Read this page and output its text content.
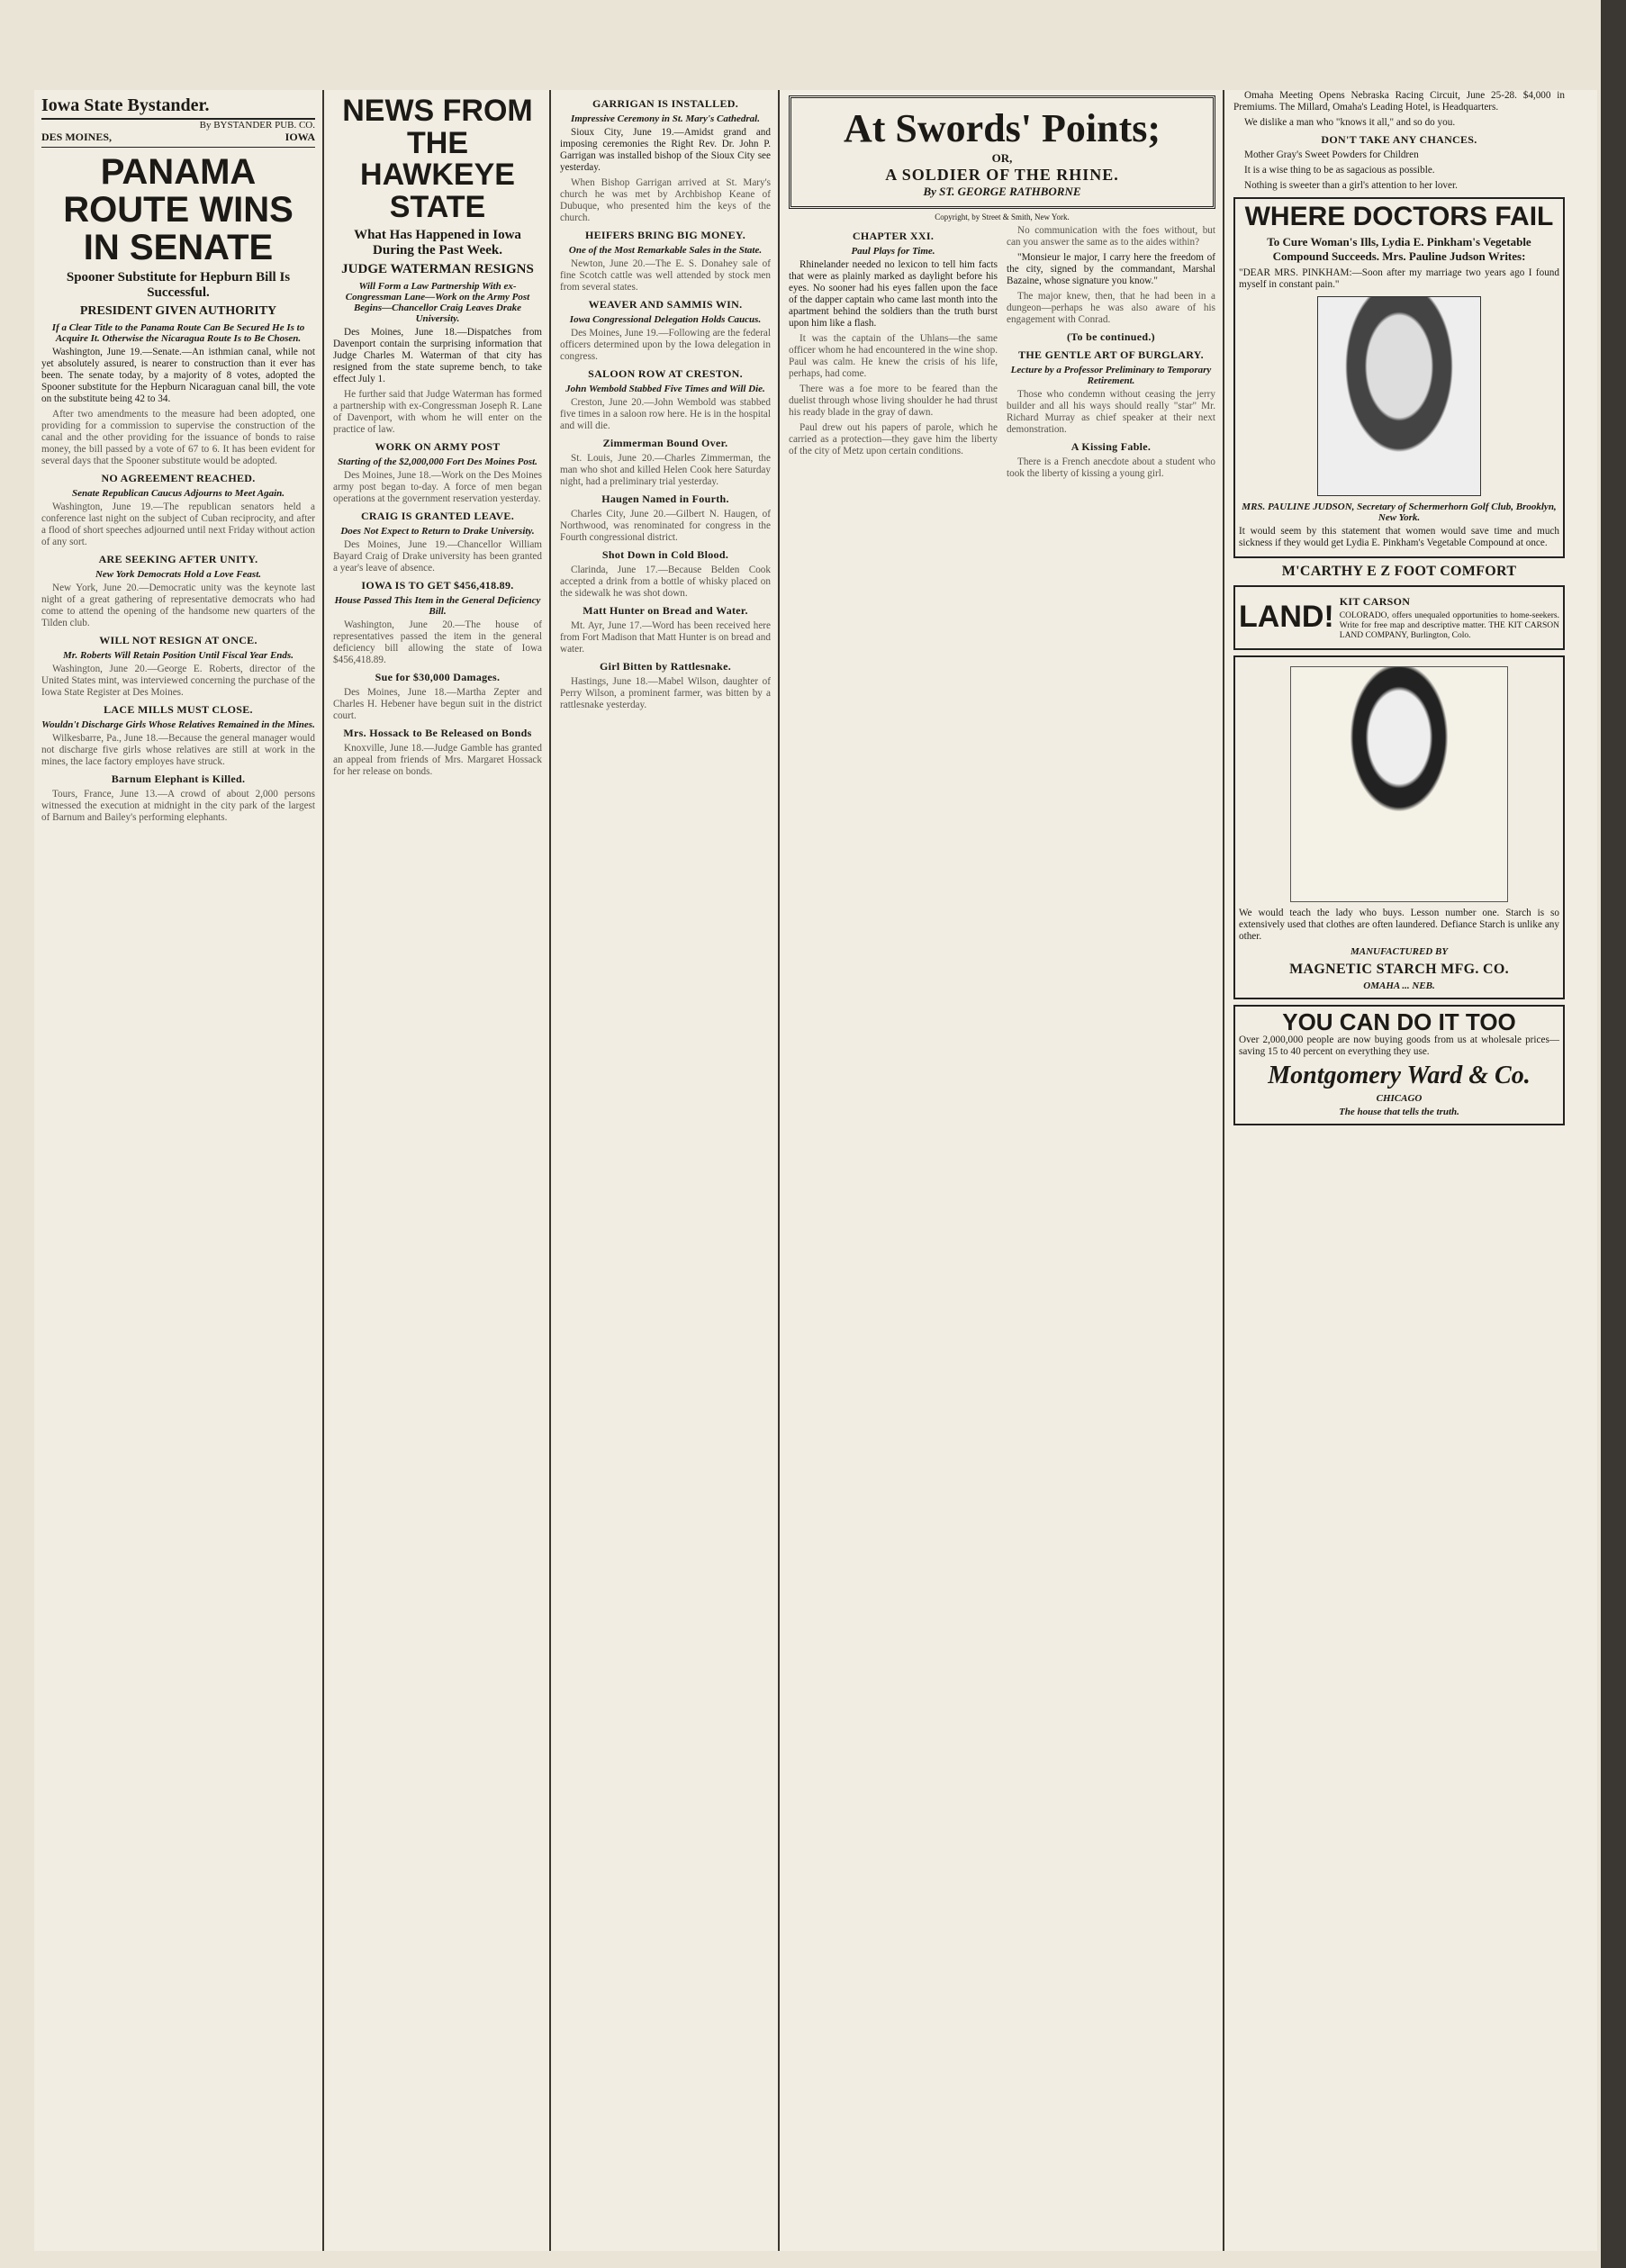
Iowa State Bystander.
By BYSTANDER PUB. CO.
DES MOINES,	IOWA
PANAMA ROUTE WINS IN SENATE
Spooner Substitute for Hepburn Bill Is Successful.
PRESIDENT GIVEN AUTHORITY
If a Clear Title to the Panama Route Can Be Secured He Is to Acquire It. Otherwise the Nicaragua Route Is to Be Chosen.

Washington, June 19.—Senate.—An isthmian canal, while not yet absolutely assured, is nearer to construction than it ever has been. The senate today, by a majority of 8 votes, adopted the Spooner substitute for the Hepburn Nicaraguan canal bill, the vote on the substitute being 42 to 34.

After two amendments to the measure had been adopted, one providing for a commission to supervise the construction of the canal and the other providing for the issuance of bonds to raise money, the bill passed by a vote of 67 to 6. It has been evident for several days that the Spooner substitute would be adopted.

NO AGREEMENT REACHED.
Senate Republican Caucus Adjourns to Meet Again.

Washington, June 19.—The republican senators held a conference last night on the subject of Cuban reciprocity, and after a flood of short speeches adjourned until next Friday without action of any sort.

ARE SEEKING AFTER UNITY.
New York Democrats Hold a Love Feast.

New York, June 20.—Democratic unity was the keynote last night of a great gathering of representative democrats who had come to attend the opening of the handsome new quarters of the Tilden club.

WILL NOT RESIGN AT ONCE.
Mr. Roberts Will Retain Position Until Fiscal Year Ends.

Washington, June 20.—George E. Roberts, director of the United States mint, was interviewed concerning the purchase of the Iowa State Register at Des Moines.

LACE MILLS MUST CLOSE.
Wouldn't Discharge Girls Whose Relatives Remained in the Mines.

Wilkesbarre, Pa., June 18.—Because the general manager would not discharge five girls whose relatives are still at work in the mines, the lace factory employes have struck.

Barnum Elephant is Killed.

Tours, France, June 13.—A crowd of about 2,000 persons witnessed the execution at midnight in the city park of the largest of Barnum and Bailey's performing elephants.

NEWS FROM THE HAWKEYE STATE
What Has Happened in Iowa During the Past Week.
JUDGE WATERMAN RESIGNS
Will Form a Law Partnership With ex-Congressman Lane—Work on the Army Post Begins—Chancellor Craig Leaves Drake University.

Des Moines, June 18.—Dispatches from Davenport contain the surprising information that Judge Charles M. Waterman of that city has resigned from the state supreme bench, to take effect July 1.

He further said that Judge Waterman has formed a partnership with ex-Congressman Joseph R. Lane of Davenport, with whom he will enter on the practice of law.

WORK ON ARMY POST
Starting of the $2,000,000 Fort Des Moines Post.

Des Moines, June 18.—Work on the Des Moines army post began to-day. A force of men began operations at the government reservation yesterday.

CRAIG IS GRANTED LEAVE.
Does Not Expect to Return to Drake University.

Des Moines, June 19.—Chancellor William Bayard Craig of Drake university has been granted a year's leave of absence.

IOWA IS TO GET $456,418.89.
House Passed This Item in the General Deficiency Bill.

Washington, June 20.—The house of representatives passed the item in the general deficiency bill allowing the state of Iowa $456,418.89.

Sue for $30,000 Damages.

Des Moines, June 18.—Martha Zepter and Charles H. Hebener have begun suit in the district court.

Mrs. Hossack to Be Released on Bonds

Knoxville, June 18.—Judge Gamble has granted an appeal from friends of Mrs. Margaret Hossack for her release on bonds.

GARRIGAN IS INSTALLED.
Impressive Ceremony in St. Mary's Cathedral.

Sioux City, June 19.—Amidst grand and imposing ceremonies the Right Rev. Dr. John P. Garrigan was installed bishop of the Sioux City see yesterday.

When Bishop Garrigan arrived at St. Mary's church he was met by Archbishop Keane of Dubuque, who presented him the keys of the church.

HEIFERS BRING BIG MONEY.
One of the Most Remarkable Sales in the State.

Newton, June 20.—The E. S. Donahey sale of fine Scotch cattle was well attended by stock men from several states.

WEAVER AND SAMMIS WIN.
Iowa Congressional Delegation Holds Caucus.

Des Moines, June 19.—Following are the federal officers determined upon by the Iowa delegation in congress.

SALOON ROW AT CRESTON.
John Wembold Stabbed Five Times and Will Die.

Creston, June 20.—John Wembold was stabbed five times in a saloon row here. He is in the hospital and will die.

Zimmerman Bound Over.

St. Louis, June 20.—Charles Zimmerman, the man who shot and killed Helen Cook here Saturday night, had a preliminary trial yesterday.

Haugen Named in Fourth.

Charles City, June 20.—Gilbert N. Haugen, of Northwood, was renominated for congress in the Fourth congressional district.

Shot Down in Cold Blood.

Clarinda, June 17.—Because Belden Cook accepted a drink from a bottle of whisky placed on the sidewalk he was shot down.

Matt Hunter on Bread and Water.

Mt. Ayr, June 17.—Word has been received here from Fort Madison that Matt Hunter is on bread and water.

Girl Bitten by Rattlesnake.

Hastings, June 18.—Mabel Wilson, daughter of Perry Wilson, a prominent farmer, was bitten by a rattlesnake yesterday.

At Swords' Points;
OR,
A SOLDIER OF THE RHINE.
By ST. GEORGE RATHBORNE
Copyright, by Street & Smith, New York.
CHAPTER XXI.
Paul Plays for Time.

Rhinelander needed no lexicon to tell him facts that were as plainly marked as daylight before his eyes. No sooner had his eyes fallen upon the face of the dapper captain who came last month into the apartment behind the soldiers than the truth burst upon him like a flash.

It was the captain of the Uhlans—the same officer whom he had encountered in the wine shop. Paul was calm. He knew the crisis of his life, perhaps, had come.

There was a foe more to be feared than the duelist through whose living shoulder he had thrust his ready blade in the gray of dawn.

Paul drew out his papers of parole, which he carried as a protection—they gave him the liberty of the city of Metz upon certain conditions.

No communication with the foes without, but can you answer the same as to the aides within?

"Monsieur le major, I carry here the freedom of the city, signed by the commandant, Marshal Bazaine, whose signature you know."

The major knew, then, that he had been in a dungeon—perhaps he was also aware of his engagement with Conrad.

(To be continued.)
THE GENTLE ART OF BURGLARY.
Lecture by a Professor Preliminary to Temporary Retirement.

Those who condemn without ceasing the jerry builder and all his ways should really "star" Mr. Richard Murray as chief speaker at their next demonstration.

A Kissing Fable.

There is a French anecdote about a student who took the liberty of kissing a young girl.

Omaha Meeting Opens Nebraska Racing Circuit, June 25-28. $4,000 in Premiums. The Millard, Omaha's Leading Hotel, is Headquarters.

We dislike a man who "knows it all," and so do you.

DON'T TAKE ANY CHANCES.

Mother Gray's Sweet Powders for Children

It is a wise thing to be as sagacious as possible.

Nothing is sweeter than a girl's attention to her lover.

WHERE DOCTORS FAIL
To Cure Woman's Ills, Lydia E. Pinkham's Vegetable Compound Succeeds. Mrs. Pauline Judson Writes:

"DEAR MRS. PINKHAM:—Soon after my marriage two years ago I found myself in constant pain."

MRS. PAULINE JUDSON, Secretary of Schermerhorn Golf Club, Brooklyn, New York.

It would seem by this statement that women would save time and much sickness if they would get Lydia E. Pinkham's Vegetable Compound at once.

M'CARTHY E Z FOOT COMFORT
LAND! KIT CARSON

COLORADO, offers unequaled opportunities to home-seekers. Write for free map and descriptive matter. THE KIT CARSON LAND COMPANY, Burlington, Colo.

We would teach the lady who buys. Lesson number one. Starch is so extensively used that clothes are often laundered. Defiance Starch is unlike any other.

MANUFACTURED BY
MAGNETIC STARCH MFG. CO.
OMAHA ... NEB.
YOU CAN DO IT TOO

Over 2,000,000 people are now buying goods from us at wholesale prices—saving 15 to 40 percent on everything they use.

Montgomery Ward & Co.
CHICAGO
The house that tells the truth.
